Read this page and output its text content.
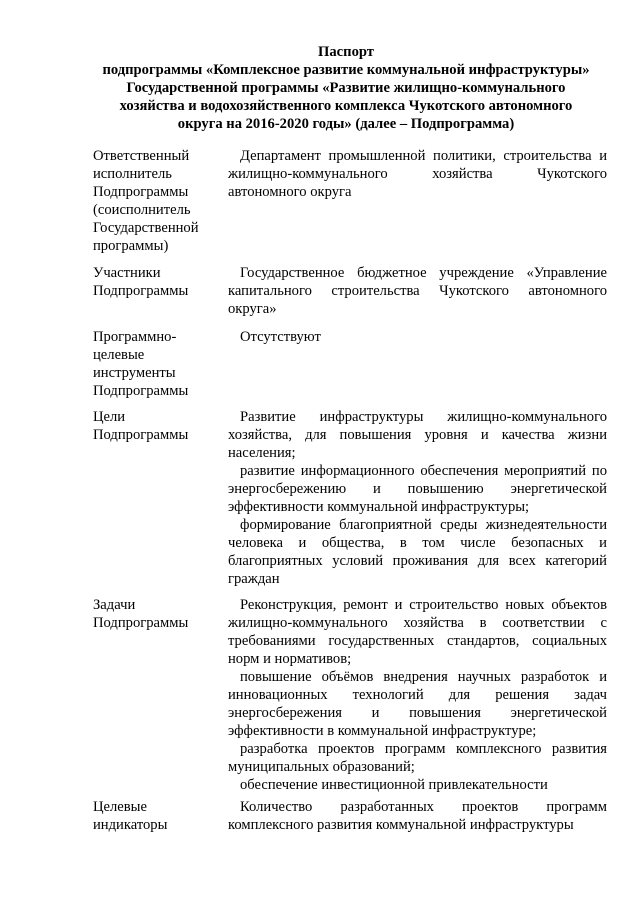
Паспорт
подпрограммы «Комплексное развитие коммунальной инфраструктуры»
Государственной программы «Развитие жилищно-коммунального
хозяйства и водохозяйственного комплекса Чукотского автономного
округа на 2016-2020 годы» (далее – Подпрограмма)
Ответственный
исполнитель
Подпрограммы
(соисполнитель
Государственной
программы)

Департамент промышленной политики, строительства и жилищно-коммунального хозяйства Чукотского автономного округа

Участники
Подпрограммы

Государственное бюджетное учреждение «Управление капитального строительства Чукотского автономного округа»

Программно-
целевые
инструменты
Подпрограммы

Отсутствуют

Цели
Подпрограммы

Развитие инфраструктуры жилищно-коммунального хозяйства, для повышения уровня и качества жизни населения;

развитие информационного обеспечения мероприятий по энергосбережению и повышению энергетической эффективности коммунальной инфраструктуры;

формирование благоприятной среды жизнедеятельности человека и общества, в том числе безопасных и благоприятных условий проживания для всех категорий граждан

Задачи
Подпрограммы

Реконструкция, ремонт и строительство новых объектов жилищно-коммунального хозяйства в соответствии с требованиями государственных стандартов, социальных норм и нормативов;

повышение объёмов внедрения научных разработок и инновационных технологий для решения задач энергосбережения и повышения энергетической эффективности в коммунальной инфраструктуре;

разработка проектов программ комплексного развития муниципальных образований;

обеспечение инвестиционной привлекательности

Целевые
индикаторы

Количество разработанных проектов программ комплексного развития коммунальной инфраструктуры
